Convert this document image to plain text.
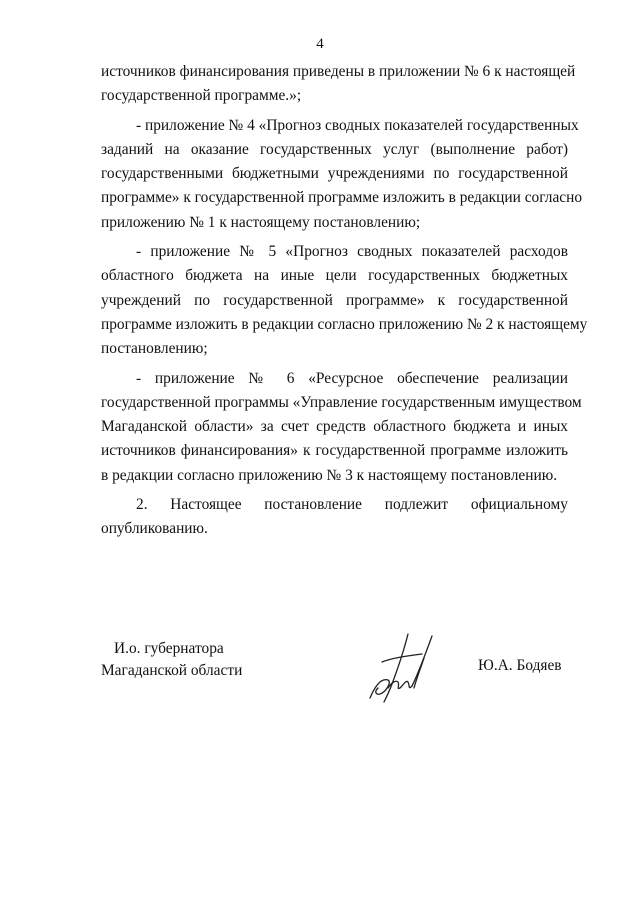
4
источников финансирования приведены в приложении № 6 к настоящей
государственной программе.»;
- приложение № 4 «Прогноз сводных показателей государственных
заданий на оказание государственных услуг (выполнение работ)
государственными бюджетными учреждениями по государственной
программе» к государственной программе изложить в редакции согласно
приложению № 1 к настоящему постановлению;
- приложение № 5 «Прогноз сводных показателей расходов
областного бюджета на иные цели государственных бюджетных
учреждений по государственной программе» к государственной
программе изложить в редакции согласно приложению № 2 к настоящему
постановлению;
- приложение № 6 «Ресурсное обеспечение реализации
государственной программы «Управление государственным имуществом
Магаданской области» за счет средств областного бюджета и иных
источников финансирования» к государственной программе изложить
в редакции согласно приложению № 3 к настоящему постановлению.
2. Настоящее постановление подлежит официальному
опубликованию.
И.о. губернатора
Магаданской области	Ю.А. Бодяев
